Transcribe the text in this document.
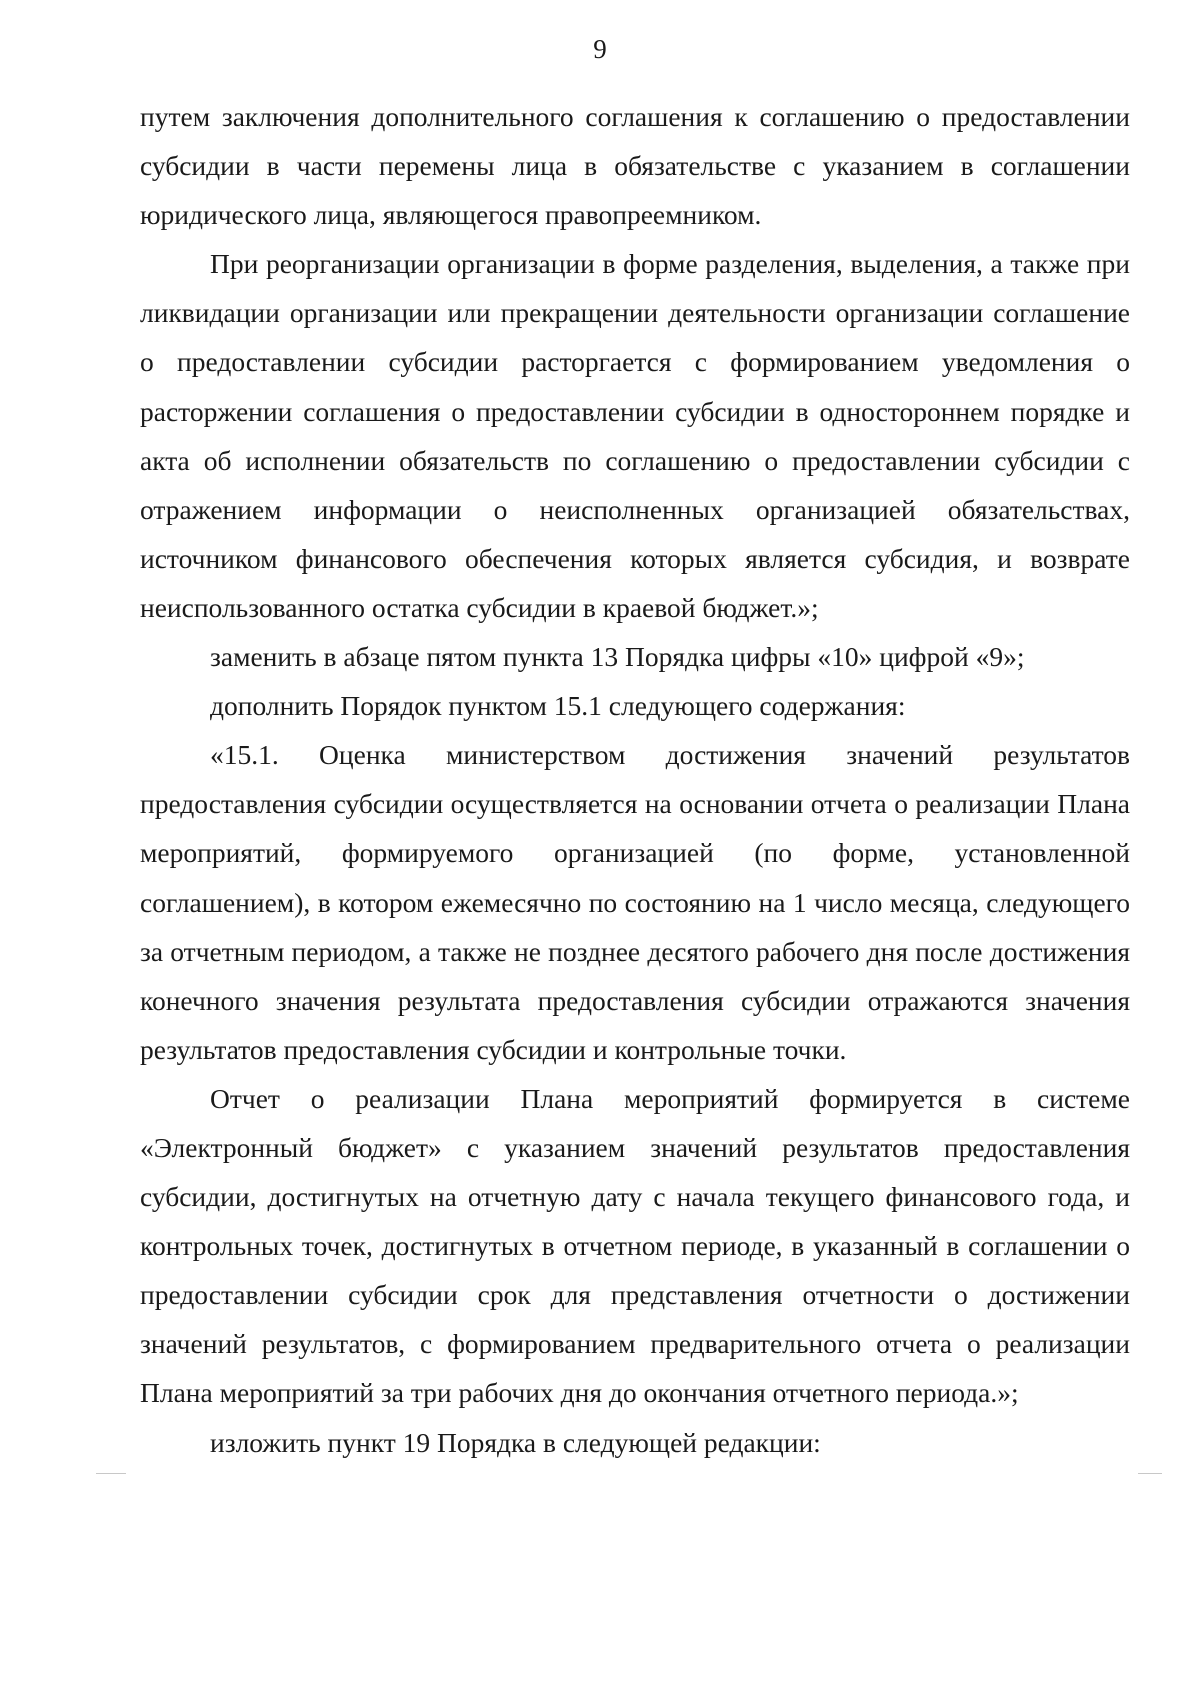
9

путем заключения дополнительного соглашения к соглашению о предоставлении субсидии в части перемены лица в обязательстве с указанием в соглашении юридического лица, являющегося правопреемником.

При реорганизации организации в форме разделения, выделения, а также при ликвидации организации или прекращении деятельности организации соглашение о предоставлении субсидии расторгается с формированием уведомления о расторжении соглашения о предоставлении субсидии в одностороннем порядке и акта об исполнении обязательств по соглашению о предоставлении субсидии с отражением информации о неисполненных организацией обязательствах, источником финансового обеспечения которых является субсидия, и возврате неиспользованного остатка субсидии в краевой бюджет.»;

заменить в абзаце пятом пункта 13 Порядка цифры «10» цифрой «9»;

дополнить Порядок пунктом 15.1 следующего содержания:

«15.1. Оценка министерством достижения значений результатов предоставления субсидии осуществляется на основании отчета о реализации Плана мероприятий, формируемого организацией (по форме, установленной соглашением), в котором ежемесячно по состоянию на 1 число месяца, следующего за отчетным периодом, а также не позднее десятого рабочего дня после достижения конечного значения результата предоставления субсидии отражаются значения результатов предоставления субсидии и контрольные точки.

Отчет о реализации Плана мероприятий формируется в системе «Электронный бюджет» с указанием значений результатов предоставления субсидии, достигнутых на отчетную дату с начала текущего финансового года, и контрольных точек, достигнутых в отчетном периоде, в указанный в соглашении о предоставлении субсидии срок для представления отчетности о достижении значений результатов, с формированием предварительного отчета о реализации Плана мероприятий за три рабочих дня до окончания отчетного периода.»;

изложить пункт 19 Порядка в следующей редакции:
